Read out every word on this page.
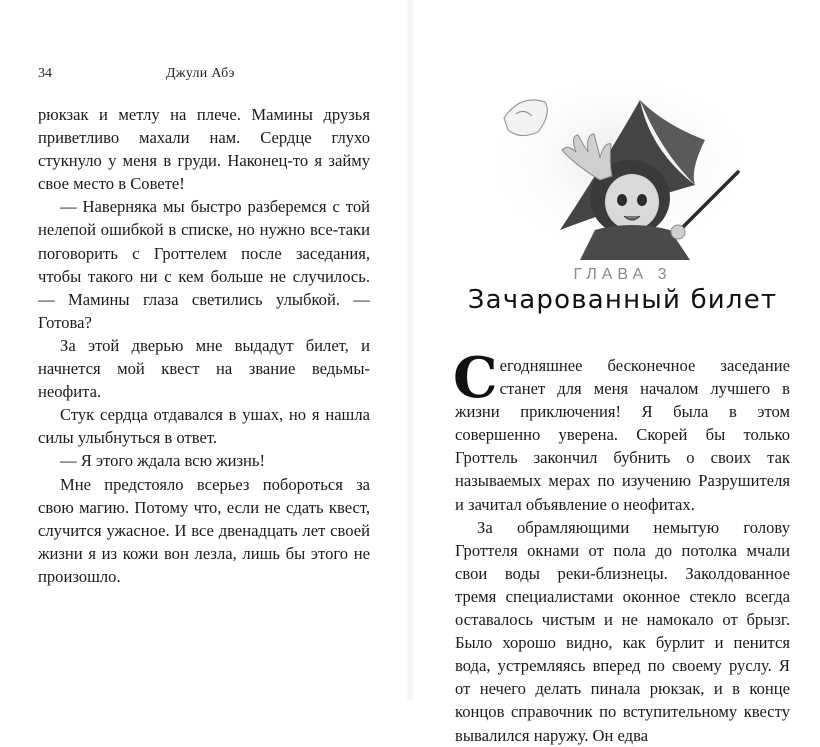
34	Джули Абэ

рюкзак и метлу на плече. Мамины друзья приветливо махали нам. Сердце глухо стукнуло у меня в груди. Наконец-то я займу свое место в Совете!

— Наверняка мы быстро разберемся с той нелепой ошибкой в списке, но нужно все-таки поговорить с Гроттелем после заседания, чтобы такого ни с кем больше не случилось. — Мамины глаза светились улыбкой. — Готова?

За этой дверью мне выдадут билет, и начнется мой квест на звание ведьмы-неофита.

Стук сердца отдавался в ушах, но я нашла силы улыбнуться в ответ.

— Я этого ждала всю жизнь!

Мне предстояло всерьез побороться за свою магию. Потому что, если не сдать квест, случится ужасное. И все двенадцать лет своей жизни я из кожи вон лезла, лишь бы этого не произошло.

ГЛАВА 3
Зачарованный билет

Сегодняшнее бесконечное заседание станет для меня началом лучшего в жизни приключения! Я была в этом совершенно уверена. Скорей бы только Гроттель закончил бубнить о своих так называемых мерах по изучению Разрушителя и зачитал объявление о неофитах.

За обрамляющими немытую голову Гроттеля окнами от пола до потолка мчали свои воды реки-близнецы. Заколдованное тремя специалистами оконное стекло всегда оставалось чистым и не намокало от брызг. Было хорошо видно, как бурлит и пенится вода, устремляясь вперед по своему руслу. Я от нечего делать пинала рюкзак, и в конце концов справочник по вступительному квесту вывалился наружу. Он едва
